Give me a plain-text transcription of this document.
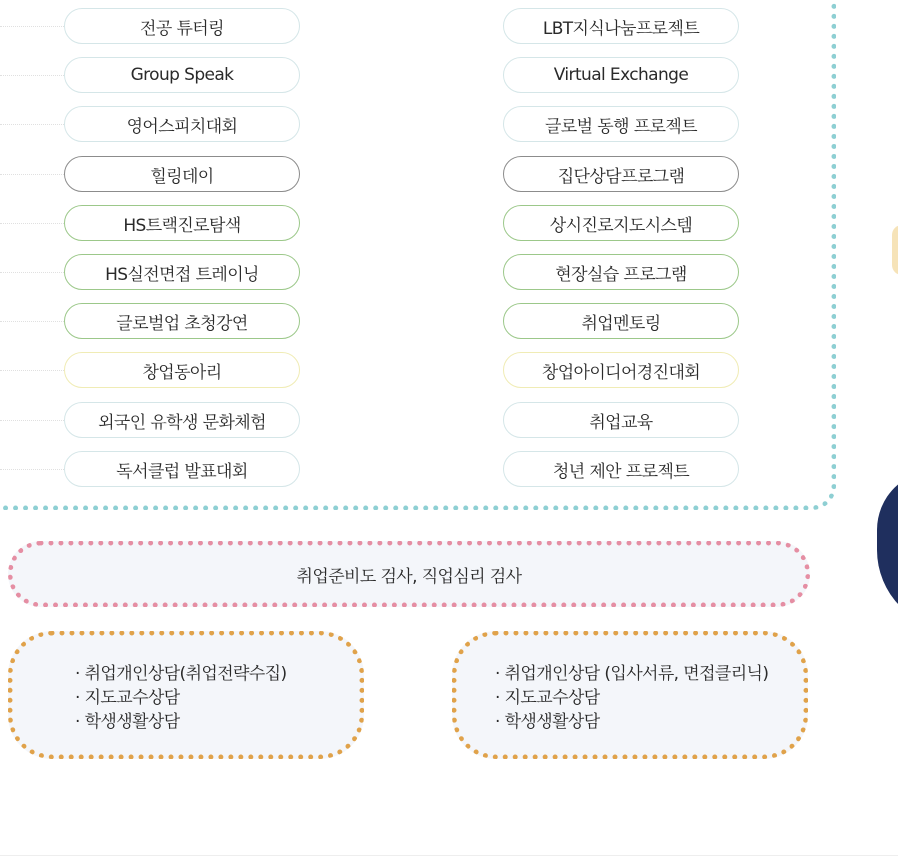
전공 튜터링
Group Speak
영어스피치대회
힐링데이
HS트랙진로탐색
HS실전면접 트레이닝
글로벌업 초청강연
창업동아리
외국인 유학생 문화체험
독서클럽 발표대회
LBT지식나눔프로젝트
Virtual Exchange
글로벌 동행 프로젝트
집단상담프로그램
상시진로지도시스템
현장실습 프로그램
취업멘토링
창업아이디어경진대회
취업교육
청년 제안 프로젝트
취업준비도 검사, 직업심리 검사
· 취업개인상담(취업전략수집)
· 지도교수상담
· 학생생활상담
· 취업개인상담 (입사서류, 면접클리닉)
· 지도교수상담
· 학생생활상담
